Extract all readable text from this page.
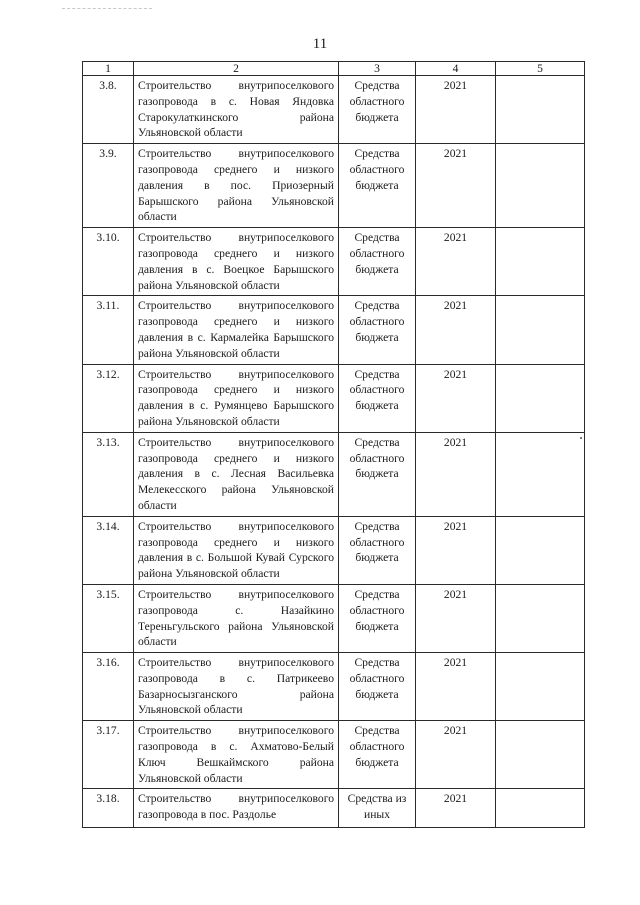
11
1	2	3	4	5
3.8.	Строительство внутрипоселкового газопровода в с. Новая Яндовка Старокулаткинского района Ульяновской области	Средства областного бюджета	2021	
3.9.	Строительство внутрипоселкового газопровода среднего и низкого давления в пос. Приозерный Барышского района Ульяновской области	Средства областного бюджета	2021	
3.10.	Строительство внутрипоселкового газопровода среднего и низкого давления в с. Воецкое Барышского района Ульяновской области	Средства областного бюджета	2021	
3.11.	Строительство внутрипоселкового газопровода среднего и низкого давления в с. Кармалейка Барышского района Ульяновской области	Средства областного бюджета	2021	
3.12.	Строительство внутрипоселкового газопровода среднего и низкого давления в с. Румянцево Барышского района Ульяновской области	Средства областного бюджета	2021	
3.13.	Строительство внутрипоселкового газопровода среднего и низкого давления в с. Лесная Васильевка Мелекесского района Ульяновской области	Средства областного бюджета	2021	
3.14.	Строительство внутрипоселкового газопровода среднего и низкого давления в с. Большой Кувай Сурского района Ульяновской области	Средства областного бюджета	2021	
3.15.	Строительство внутрипоселкового газопровода с. Назайкино Тереньгульского района Ульяновской области	Средства областного бюджета	2021	
3.16.	Строительство внутрипоселкового газопровода в с. Патрикеево Базарносызганского района Ульяновской области	Средства областного бюджета	2021	
3.17.	Строительство внутрипоселкового газопровода в с. Ахматово-Белый Ключ Вешкаймского района Ульяновской области	Средства областного бюджета	2021	
3.18.	Строительство внутрипоселкового газопровода в пос. Раздолье	Средства из иных	2021	
